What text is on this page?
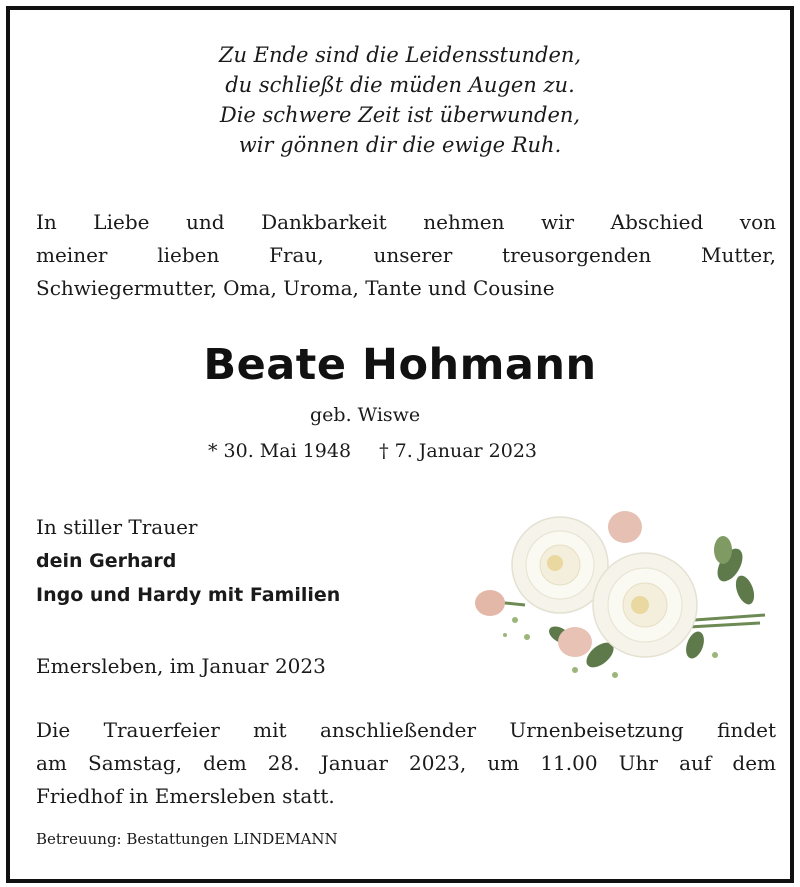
Zu Ende sind die Leidensstunden,
du schließt die müden Augen zu.
Die schwere Zeit ist überwunden,
wir gönnen dir die ewige Ruh.
In Liebe und Dankbarkeit nehmen wir Abschied von
meiner lieben Frau, unserer treusorgenden Mutter,
Schwiegermutter, Oma, Uroma, Tante und Cousine
Beate Hohmann
geb. Wiswe
* 30. Mai 1948 † 7. Januar 2023
In stiller Trauer
dein Gerhard
Ingo und Hardy mit Familien
Emersleben, im Januar 2023
Die Trauerfeier mit anschließender Urnenbeisetzung findet
am Samstag, dem 28. Januar 2023, um 11.00 Uhr auf dem
Friedhof in Emersleben statt.
Betreuung: Bestattungen LINDEMANN
